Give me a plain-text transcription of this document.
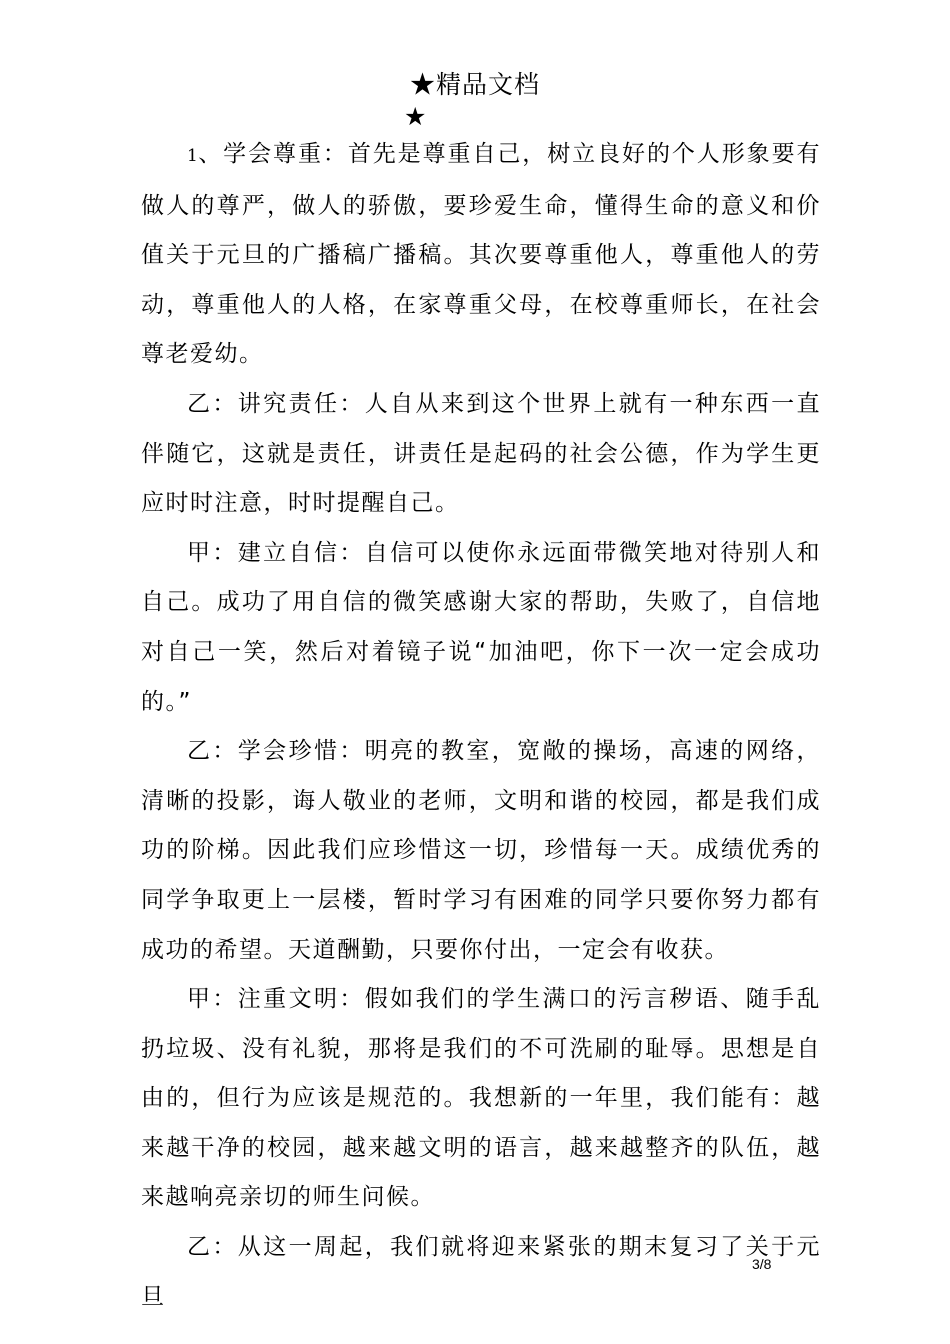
★精品文档
★

1、学会尊重：首先是尊重自己，树立良好的个人形象要有做人的尊严，做人的骄傲，要珍爱生命，懂得生命的意义和价值关于元旦的广播稿广播稿。其次要尊重他人，尊重他人的劳动，尊重他人的人格，在家尊重父母，在校尊重师长，在社会尊老爱幼。

乙：讲究责任：人自从来到这个世界上就有一种东西一直伴随它，这就是责任，讲责任是起码的社会公德，作为学生更应时时注意，时时提醒自己。

甲：建立自信：自信可以使你永远面带微笑地对待别人和自己。成功了用自信的微笑感谢大家的帮助，失败了，自信地对自己一笑，然后对着镜子说“加油吧，你下一次一定会成功的。”

乙：学会珍惜：明亮的教室，宽敞的操场，高速的网络，清晰的投影，诲人敬业的老师，文明和谐的校园，都是我们成功的阶梯。因此我们应珍惜这一切，珍惜每一天。成绩优秀的同学争取更上一层楼，暂时学习有困难的同学只要你努力都有成功的希望。天道酬勤，只要你付出，一定会有收获。

甲：注重文明：假如我们的学生满口的污言秽语、随手乱扔垃圾、没有礼貌，那将是我们的不可洗刷的耻辱。思想是自由的，但行为应该是规范的。我想新的一年里，我们能有：越来越干净的校园，越来越文明的语言，越来越整齐的队伍，越来越响亮亲切的师生问候。

乙：从这一周起，我们就将迎来紧张的期末复习了关于元旦

3/8
